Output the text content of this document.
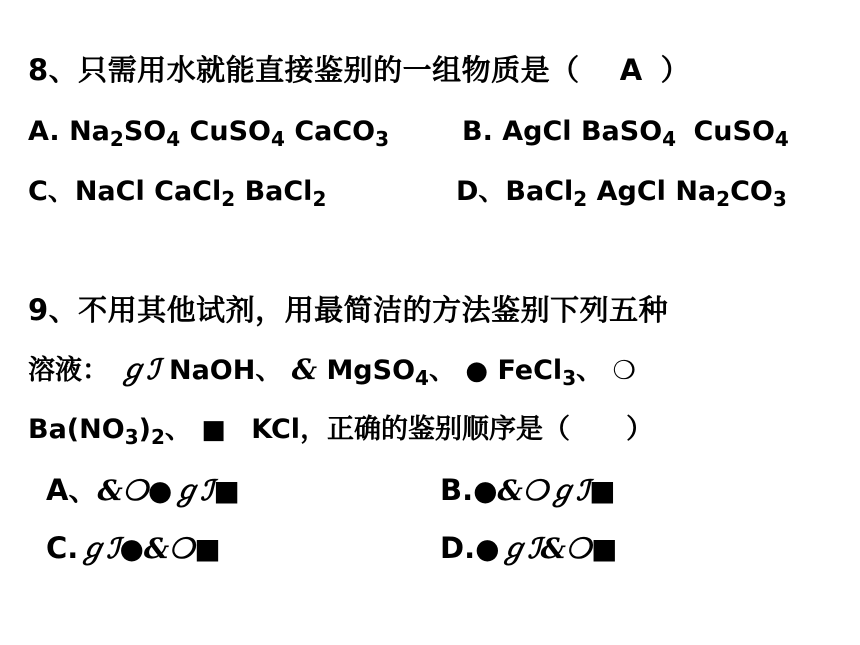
8、只需用水就能直接鉴别的一组物质是（ A ）
A. $Na_2SO_4$ CuSO$_4$ CaCO$_3$	B. AgCl BaSO$_4$ CuSO$_4$
C、NaCl CaCl$_2$ BaCl$_2$	D、BaCl$_2$ AgCl $Na_2CO_3$
9、不用其他试剂，用最简洁的方法鉴别下列五种
溶液： ℊℐ NaOH、 & MgSO$_4$、 ● FeCl$_3$、 ❍
$Ba(NO_3)_2$、 ■ KCl，正确的鉴别顺序是（ ）
A、&❍●ℊℐ■	B.●&❍ℊℐ■
C.ℊℐ●&❍■	D.●ℊℐ&❍■
